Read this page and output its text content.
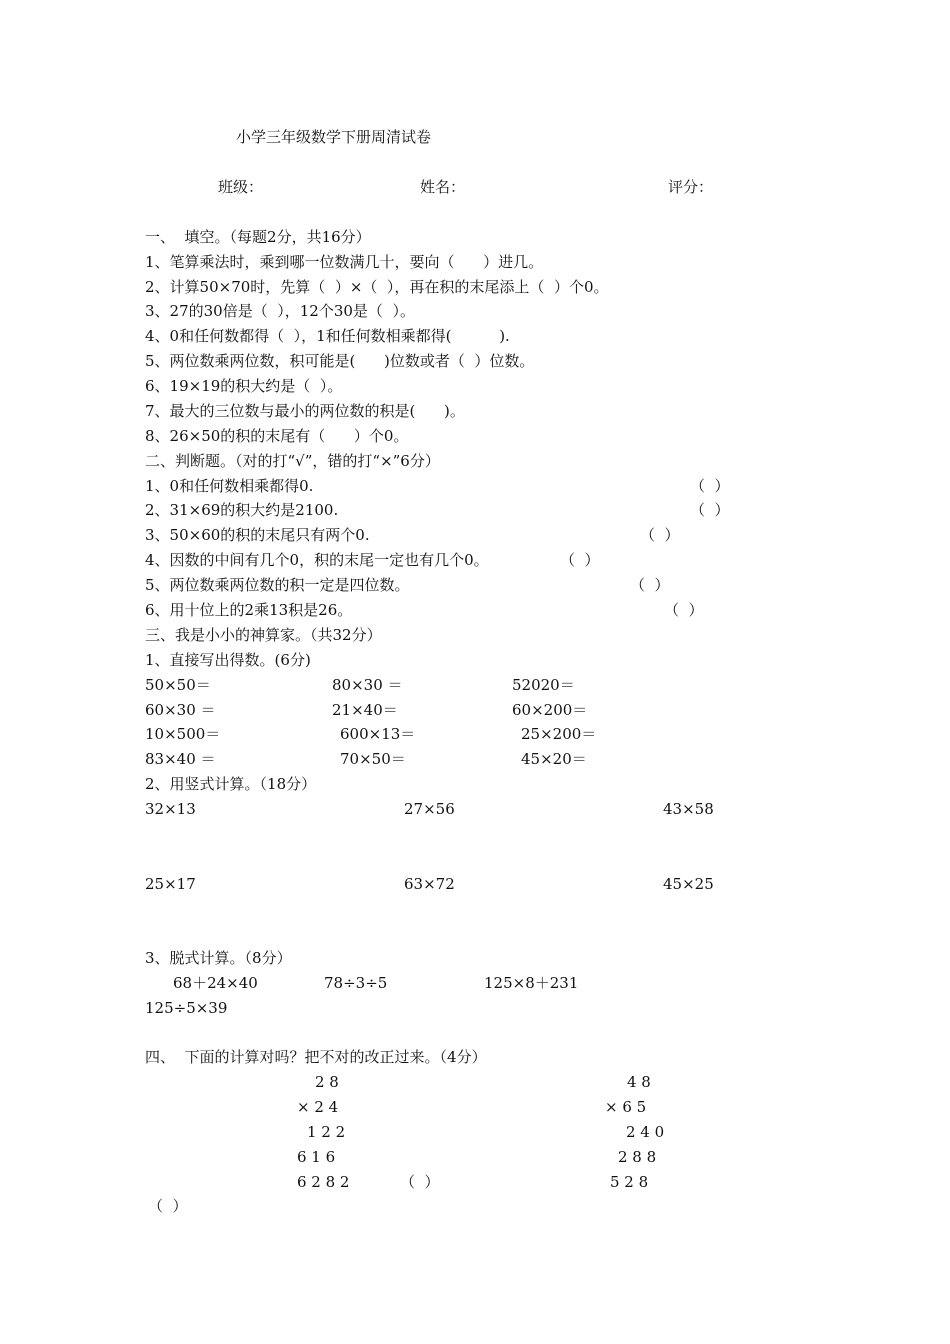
小学三年级数学下册周清试卷
班级：	姓名：	评分：
一、  填空。（每题2分，共16分）
1、笔算乘法时，乘到哪一位数满几十，要向（      ）进几。
2、计算50×70时，先算（  ）×（  ），再在积的末尾添上（  ）个0。
3、27的30倍是（  ），12个30是（  ）。
4、0和任何数都得（  ），1和任何数相乘都得(          ).
5、两位数乘两位数，积可能是(      )位数或者（  ）位数。
6、19×19的积大约是（  ）。
7、最大的三位数与最小的两位数的积是(      )。
8、26×50的积的末尾有（      ）个0。
二、判断题。（对的打“√”，错的打“×”6分）
1、0和任何数相乘都得0.	（  ）
2、31×69的积大约是2100.	（  ）
3、50×60的积的末尾只有两个0.	（  ）
4、因数的中间有几个0，积的末尾一定也有几个0。	（  ）
5、两位数乘两位数的积一定是四位数。	（  ）
6、用十位上的2乘13积是26。	（  ）
三、我是小小的神算家。（共32分）
1、直接写出得数。(6分)
50×50＝	80×30 ＝	52020＝
60×30 ＝	21×40＝	60×200＝
10×500＝	600×13＝	25×200＝
83×40 ＝	70×50＝	45×20＝
2、用竖式计算。（18分）
32×13	27×56	43×58
25×17	63×72	45×25
3、脱式计算。（8分）
68＋24×40	78÷3÷5	125×8＋231
125÷5×39
四、  下面的计算对吗？把不对的改正过来。（4分）
2 8
× 2 4
1 2 2
6 1 6
6 2 8 2	（  ）
4 8
× 6 5
2 4 0
2 8 8
5 2 8
（  ）
